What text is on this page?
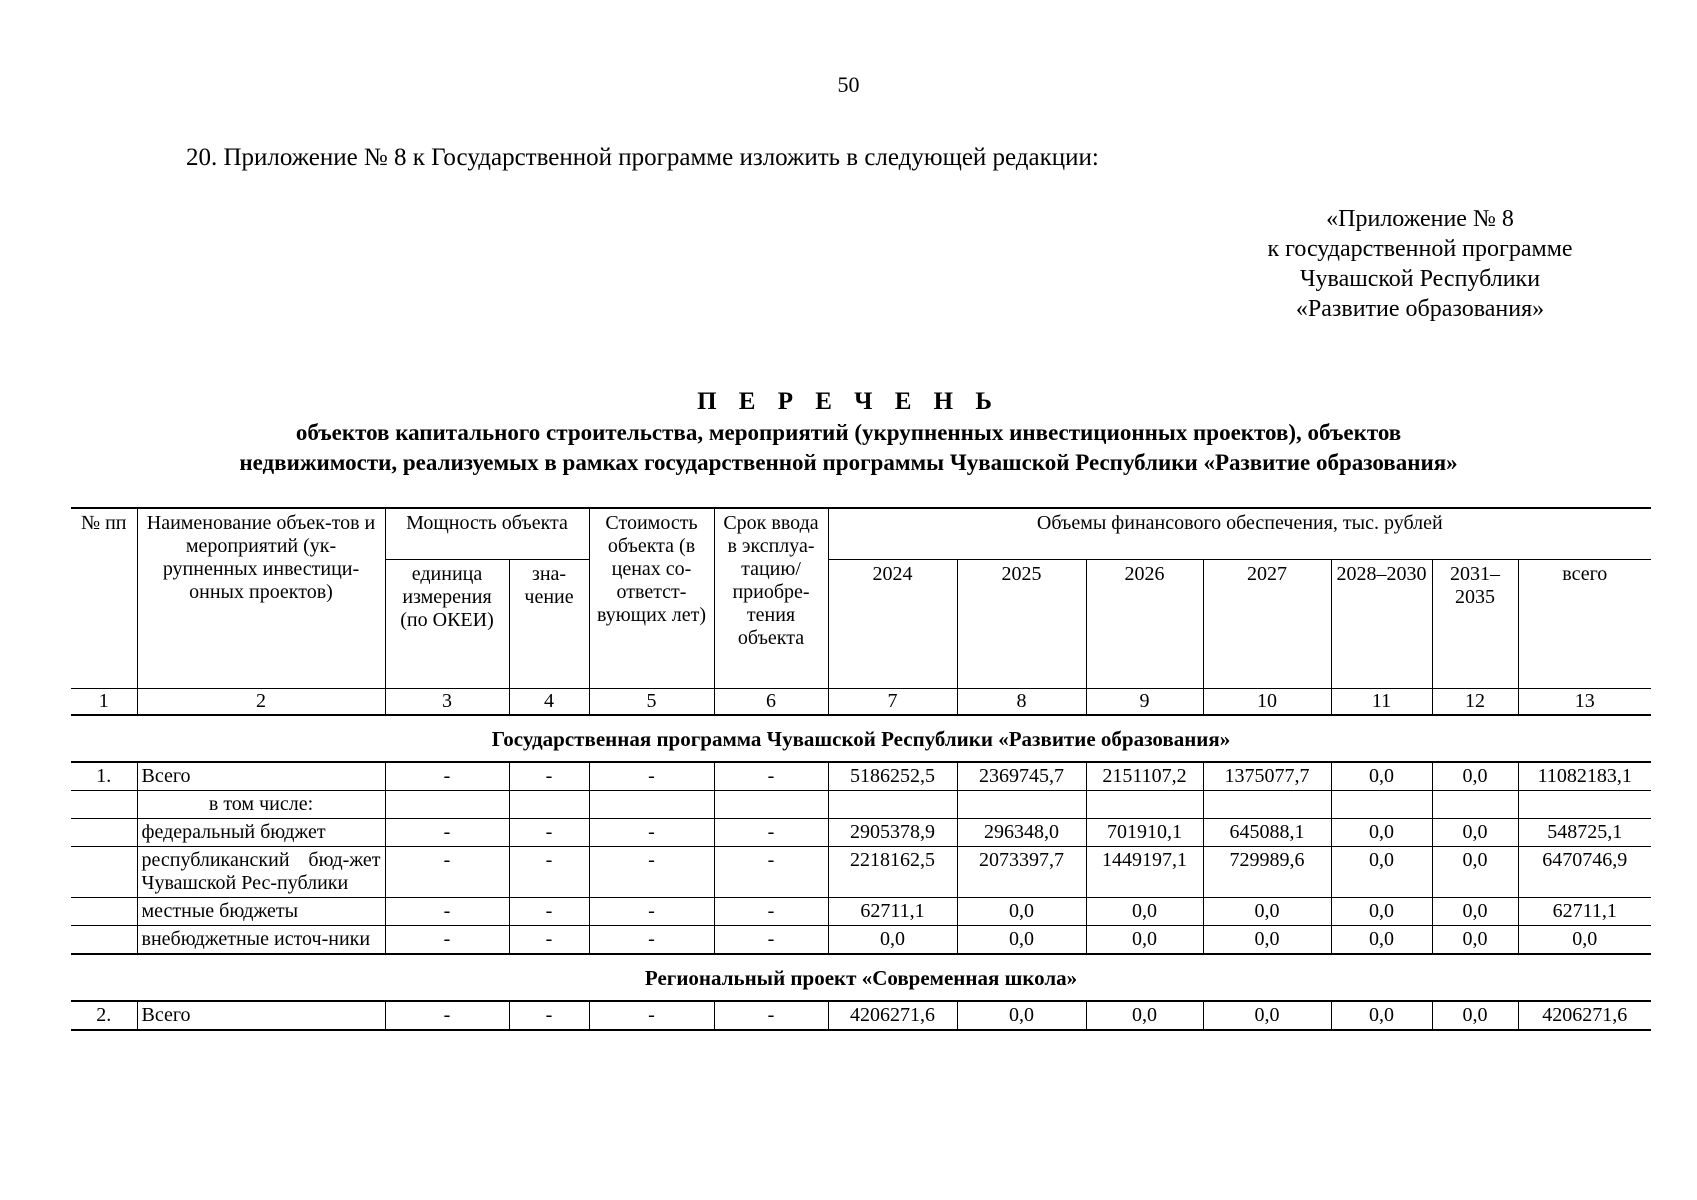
50
20. Приложение № 8 к Государственной программе изложить в следующей редакции:
«Приложение № 8
к государственной программе
Чувашской Республики
«Развитие образования»
П Е Р Е Ч Е Н Ь
объектов капитального строительства, мероприятий (укрупненных инвестиционных проектов), объектов
недвижимости, реализуемых в рамках государственной программы Чувашской Республики «Развитие образования»
№ пп	Наименование объек-тов и мероприятий (ук-рупненных инвестици-онных проектов)	Мощность объекта		Стоимость объекта (в ценах со-ответст-вующих лет)	Срок ввода в эксплуа-тацию/ приобре-тения объекта	Объемы финансового обеспечения, тыс. рублей						
		единица измерения (по ОКЕИ)	зна-чение			2024	2025	2026	2027	2028–2030	2031–2035	всего
1	2	3	4	5	6	7	8	9	10	11	12	13
Государственная программа Чувашской Республики «Развитие образования»												
1.	Всего	-	-	-	-	5186252,5	2369745,7	2151107,2	1375077,7	0,0	0,0	11082183,1
	в том числе:											
	федеральный бюджет	-	-	-	-	2905378,9	296348,0	701910,1	645088,1	0,0	0,0	548725,1
	республиканский бюд-жет Чувашской Рес-публики	-	-	-	-	2218162,5	2073397,7	1449197,1	729989,6	0,0	0,0	6470746,9
	местные бюджеты	-	-	-	-	62711,1	0,0	0,0	0,0	0,0	0,0	62711,1
	внебюджетные источ-ники	-	-	-	-	0,0	0,0	0,0	0,0	0,0	0,0	0,0
Региональный проект «Современная школа»												
2.	Всего	-	-	-	-	4206271,6	0,0	0,0	0,0	0,0	0,0	4206271,6
